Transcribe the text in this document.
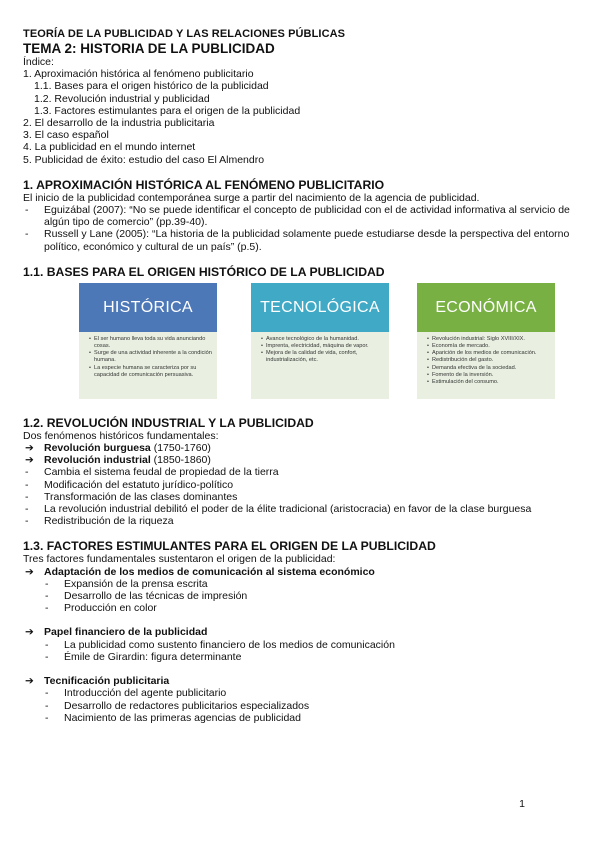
TEORÍA DE LA PUBLICIDAD Y LAS RELACIONES PÚBLICAS
TEMA 2: HISTORIA DE LA PUBLICIDAD
Índice:
1. Aproximación histórica al fenómeno publicitario
1.1. Bases para el origen histórico de la publicidad
1.2. Revolución industrial y publicidad
1.3. Factores estimulantes para el origen de la publicidad
2. El desarrollo de la industria publicitaria
3. El caso español
4. La publicidad en el mundo internet
5. Publicidad de éxito: estudio del caso El Almendro
1. APROXIMACIÓN HISTÓRICA AL FENÓMENO PUBLICITARIO
El inicio de la publicidad contemporánea surge a partir del nacimiento de la agencia de publicidad.
- Eguizábal (2007): “No se puede identificar el concepto de publicidad con el de actividad informativa al servicio de algún tipo de comercio” (pp.39-40).
- Russell y Lane (2005): “La historia de la publicidad solamente puede estudiarse desde la perspectiva del entorno político, económico y cultural de un país” (p.5).
1.1. BASES PARA EL ORIGEN HISTÓRICO DE LA PUBLICIDAD
HISTÓRICA
• El ser humano lleva toda su vida anunciando cosas.
• Surge de una actividad inherente a la condición humana.
• La especie humana se caracteriza por su capacidad de comunicación persuasiva.
TECNOLÓGICA
• Avance tecnológico de la humanidad.
• Imprenta, electricidad, máquina de vapor.
• Mejora de la calidad de vida, confort, industrialización, etc.
ECONÓMICA
• Revolución industrial: Siglo XVIII/XIX.
• Economía de mercado.
• Aparición de los medios de comunicación.
• Redistribución del gasto.
• Demanda efectiva de la sociedad.
• Fomento de la inversión.
• Estimulación del consumo.
1.2. REVOLUCIÓN INDUSTRIAL Y LA PUBLICIDAD
Dos fenómenos históricos fundamentales:
➔ Revolución burguesa (1750-1760)
➔ Revolución industrial (1850-1860)
- Cambia el sistema feudal de propiedad de la tierra
- Modificación del estatuto jurídico-político
- Transformación de las clases dominantes
- La revolución industrial debilitó el poder de la élite tradicional (aristocracia) en favor de la clase burguesa
- Redistribución de la riqueza
1.3. FACTORES ESTIMULANTES PARA EL ORIGEN DE LA PUBLICIDAD
Tres factores fundamentales sustentaron el origen de la publicidad:
➔ Adaptación de los medios de comunicación al sistema económico
- Expansión de la prensa escrita
- Desarrollo de las técnicas de impresión
- Producción en color
➔ Papel financiero de la publicidad
- La publicidad como sustento financiero de los medios de comunicación
- Émile de Girardin: figura determinante
➔ Tecnificación publicitaria
- Introducción del agente publicitario
- Desarrollo de redactores publicitarios especializados
- Nacimiento de las primeras agencias de publicidad
1
